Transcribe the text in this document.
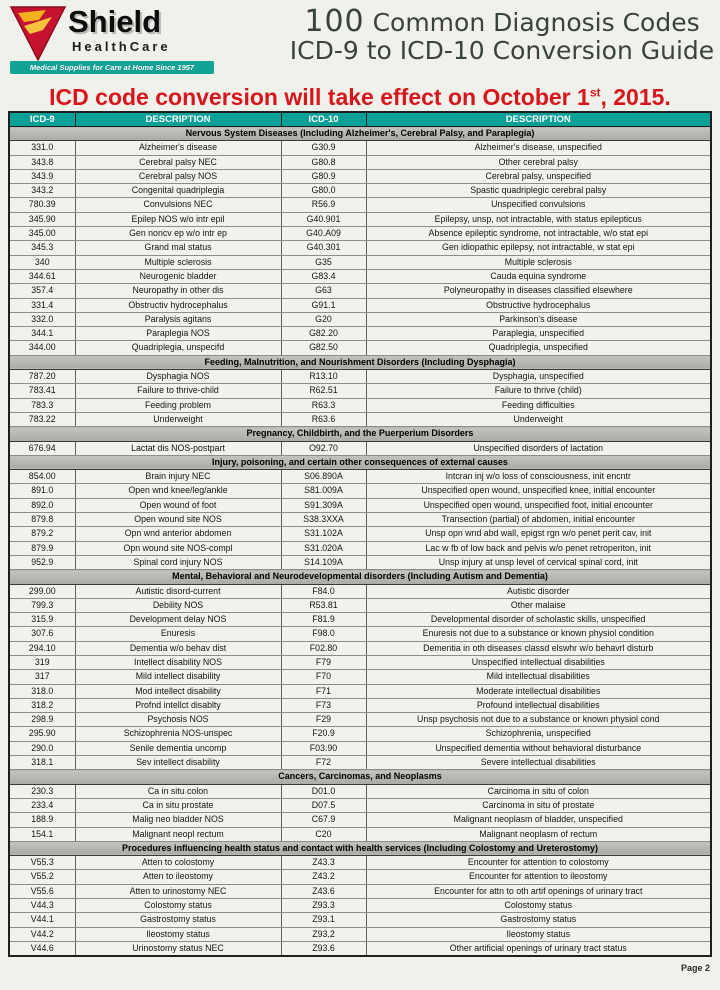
Shield
HealthCare
Medical Supplies for Care at Home Since 1957
100 Common Diagnosis Codes
ICD-9 to ICD-10 Conversion Guide
ICD code conversion will take effect on October 1st, 2015.
ICD-9	DESCRIPTION	ICD-10	DESCRIPTION
Nervous System Diseases (Including Alzheimer's, Cerebral Palsy, and Paraplegia)			
331.0	Alzheimer's disease	G30.9	Alzheimer's disease, unspecified
343.8	Cerebral palsy NEC	G80.8	Other cerebral palsy
343.9	Cerebral palsy NOS	G80.9	Cerebral palsy, unspecified
343.2	Congenital quadriplegia	G80.0	Spastic quadriplegic cerebral palsy
780.39	Convulsions NEC	R56.9	Unspecified convulsions
345.90	Epilep NOS w/o intr epil	G40.901	Epilepsy, unsp, not intractable, with status epilepticus
345.00	Gen noncv ep w/o intr ep	G40.A09	Absence epileptic syndrome, not intractable, w/o stat epi
345.3	Grand mal status	G40.301	Gen idiopathic epilepsy, not intractable, w stat epi
340	Multiple sclerosis	G35	Multiple sclerosis
344.61	Neurogenic bladder	G83.4	Cauda equina syndrome
357.4	Neuropathy in other dis	G63	Polyneuropathy in diseases classified elsewhere
331.4	Obstructiv hydrocephalus	G91.1	Obstructive hydrocephalus
332.0	Paralysis agitans	G20	Parkinson's disease
344.1	Paraplegia NOS	G82.20	Paraplegia, unspecified
344.00	Quadriplegia, unspecifd	G82.50	Quadriplegia, unspecified
Feeding, Malnutrition, and Nourishment Disorders (Including Dysphagia)			
787.20	Dysphagia NOS	R13.10	Dysphagia, unspecified
783.41	Failure to thrive-child	R62.51	Failure to thrive (child)
783.3	Feeding problem	R63.3	Feeding difficulties
783.22	Underweight	R63.6	Underweight
Pregnancy, Childbirth, and the Puerperium Disorders			
676.94	Lactat dis NOS-postpart	O92.70	Unspecified disorders of lactation
Injury, poisoning, and certain other consequences of external causes			
854.00	Brain injury NEC	S06.890A	Intcran inj w/o loss of consciousness, init encntr
891.0	Open wnd knee/leg/ankle	S81.009A	Unspecified open wound, unspecified knee, initial encounter
892.0	Open wound of foot	S91.309A	Unspecified open wound, unspecified foot, initial encounter
879.8	Open wound site NOS	S38.3XXA	Transection (partial) of abdomen, initial encounter
879.2	Opn wnd anterior abdomen	S31.102A	Unsp opn wnd abd wall, epigst rgn w/o penet perit cav, init
879.9	Opn wound site NOS-compl	S31.020A	Lac w fb of low back and pelvis w/o penet retroperiton, init
952.9	Spinal cord injury NOS	S14.109A	Unsp injury at unsp level of cervical spinal cord, init
Mental, Behavioral and Neurodevelopmental disorders (Including Autism and Dementia)			
299.00	Autistic disord-current	F84.0	Autistic disorder
799.3	Debility NOS	R53.81	Other malaise
315.9	Development delay NOS	F81.9	Developmental disorder of scholastic skills, unspecified
307.6	Enuresis	F98.0	Enuresis not due to a substance or known physiol condition
294.10	Dementia w/o behav dist	F02.80	Dementia in oth diseases classd elswhr w/o behavrl disturb
319	Intellect disability NOS	F79	Unspecified intellectual disabilities
317	Mild intellect disability	F70	Mild intellectual disabilities
318.0	Mod intellect disability	F71	Moderate intellectual disabilities
318.2	Profnd intellct disablty	F73	Profound intellectual disabilities
298.9	Psychosis NOS	F29	Unsp psychosis not due to a substance or known physiol cond
295.90	Schizophrenia NOS-unspec	F20.9	Schizophrenia, unspecified
290.0	Senile dementia uncomp	F03.90	Unspecified dementia without behavioral disturbance
318.1	Sev intellect disability	F72	Severe intellectual disabilities
Cancers, Carcinomas, and Neoplasms			
230.3	Ca in situ colon	D01.0	Carcinoma in situ of colon
233.4	Ca in situ prostate	D07.5	Carcinoma in situ of prostate
188.9	Malig neo bladder NOS	C67.9	Malignant neoplasm of bladder, unspecified
154.1	Malignant neopl rectum	C20	Malignant neoplasm of rectum
Procedures influencing health status and contact with health services (Including Colostomy and Ureterostomy)			
V55.3	Atten to colostomy	Z43.3	Encounter for attention to colostomy
V55.2	Atten to ileostomy	Z43.2	Encounter for attention to ileostomy
V55.6	Atten to urinostomy NEC	Z43.6	Encounter for attn to oth artif openings of urinary tract
V44.3	Colostomy status	Z93.3	Colostomy status
V44.1	Gastrostomy status	Z93.1	Gastrostomy status
V44.2	Ileostomy status	Z93.2	Ileostomy status
V44.6	Urinostomy status NEC	Z93.6	Other artificial openings of urinary tract status
Page 2
